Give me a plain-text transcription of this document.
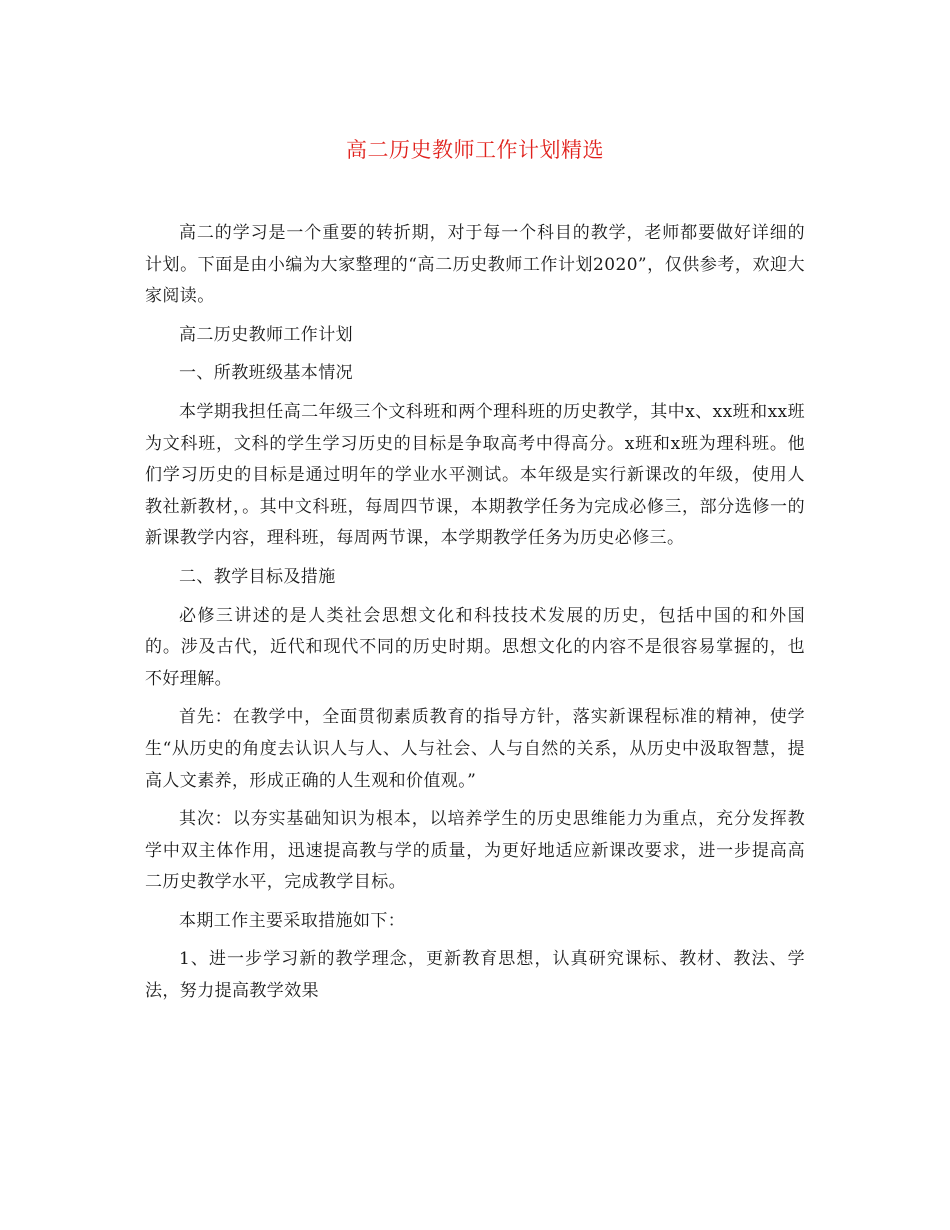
高二历史教师工作计划精选

高二的学习是一个重要的转折期，对于每一个科目的教学，老师都要做好详细的计划。下面是由小编为大家整理的“高二历史教师工作计划2020”，仅供参考，欢迎大家阅读。

高二历史教师工作计划

一、所教班级基本情况

本学期我担任高二年级三个文科班和两个理科班的历史教学，其中x、xx班和xx班为文科班，文科的学生学习历史的目标是争取高考中得高分。x班和x班为理科班。他们学习历史的目标是通过明年的学业水平测试。本年级是实行新课改的年级，使用人教社新教材，。其中文科班，每周四节课，本期教学任务为完成必修三，部分选修一的新课教学内容，理科班，每周两节课，本学期教学任务为历史必修三。

二、教学目标及措施

必修三讲述的是人类社会思想文化和科技技术发展的历史，包括中国的和外国的。涉及古代，近代和现代不同的历史时期。思想文化的内容不是很容易掌握的，也不好理解。

首先：在教学中，全面贯彻素质教育的指导方针，落实新课程标准的精神，使学生“从历史的角度去认识人与人、人与社会、人与自然的关系，从历史中汲取智慧，提高人文素养，形成正确的人生观和价值观。”

其次：以夯实基础知识为根本，以培养学生的历史思维能力为重点，充分发挥教学中双主体作用，迅速提高教与学的质量，为更好地适应新课改要求，进一步提高高二历史教学水平，完成教学目标。

本期工作主要采取措施如下：

1、进一步学习新的教学理念，更新教育思想，认真研究课标、教材、教法、学法，努力提高教学效果
